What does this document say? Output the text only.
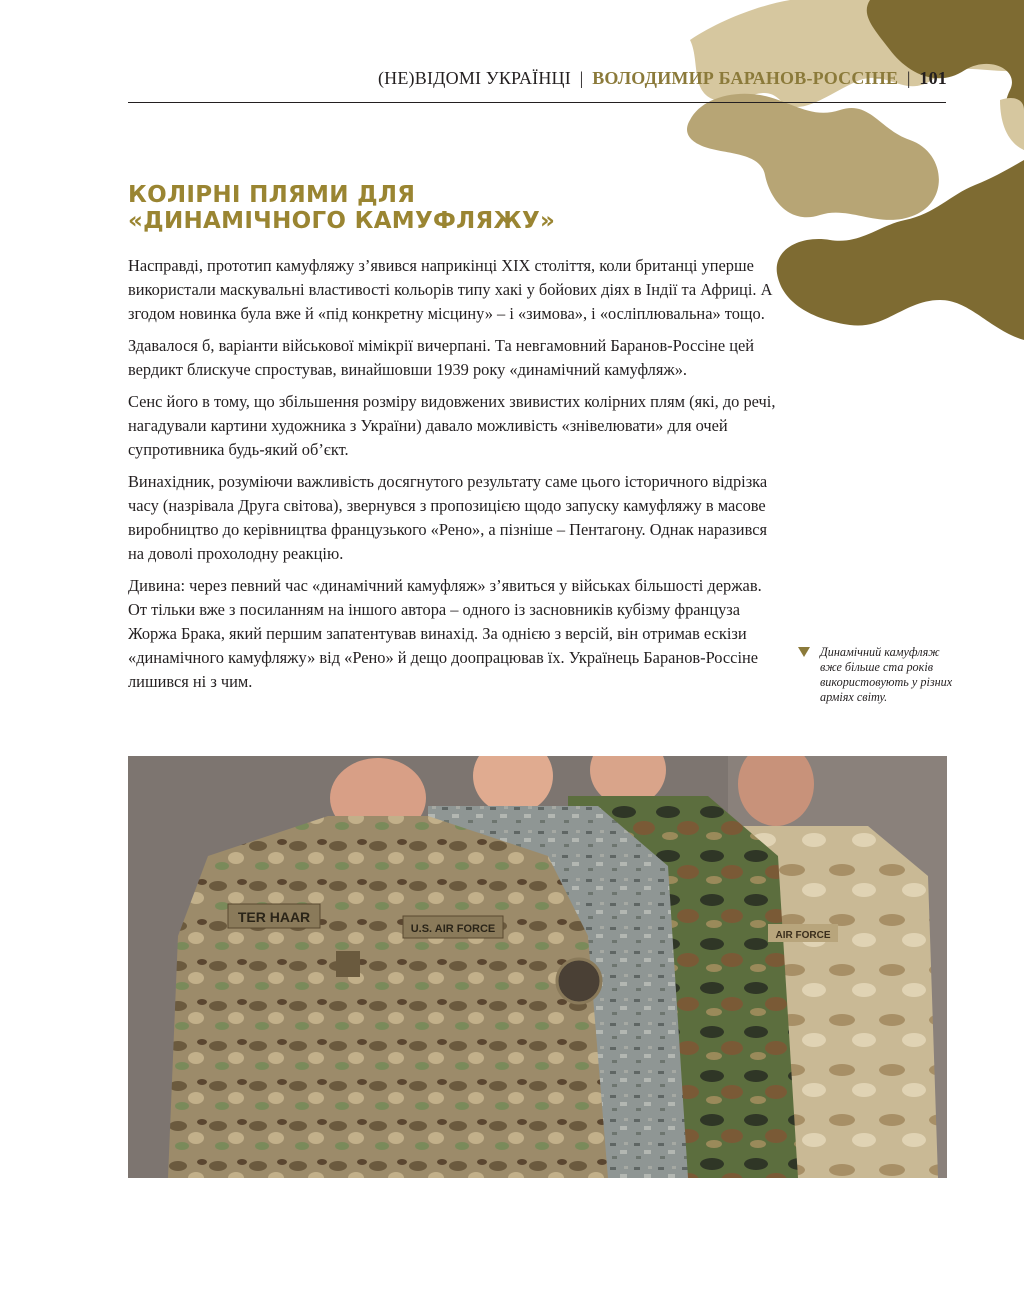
(НЕ)ВІДОМІ УКРАЇНЦІ | ВОЛОДИМИР БАРАНОВ-РОССІНЕ | 101
КОЛІРНІ ПЛЯМИ ДЛЯ
«ДИНАМІЧНОГО КАМУФЛЯЖУ»

Насправді, прототип камуфляжу з’явився наприкінці XIX століття, коли британці уперше використали маскувальні властивості кольорів типу хакі у бойових діях в Індії та Африці. А згодом новинка була вже й «під конкретну місцину» – і «зимова», і «осліплювальна» тощо.

Здавалося б, варіанти військової мімікрії вичерпані. Та невгамовний Баранов-Россіне цей вердикт блискуче спростував, винайшовши 1939 року «динамічний камуфляж».

Сенс його в тому, що збільшення розміру видовжених звивистих колірних плям (які, до речі, нагадували картини художника з України) давало можливість «знівелювати» для очей супротивника будь-який об’єкт.

Винахідник, розуміючи важливість досягнутого результату саме цього історичного відрізка часу (назрівала Друга світова), звернувся з пропозицією щодо запуску камуфляжу в масове виробництво до керівництва французького «Рено», а пізніше – Пентагону. Однак наразився на доволі прохолодну реакцію.

Дивина: через певний час «динамічний камуфляж» з’явиться у військах більшості держав. От тільки вже з посиланням на іншого автора – одного із засновників кубізму француза Жоржа Брака, який першим запатентував винахід. За однією з версій, він отримав ескізи «динамічного камуфляжу» від «Рено» й дещо доопрацював їх. Українець Баранов-Россіне лишився ні з чим.

Динамічний камуфляж вже більше ста років використовують у різних арміях світу.
TER HAAR
U.S. AIR FORCE
AIR FORCE
